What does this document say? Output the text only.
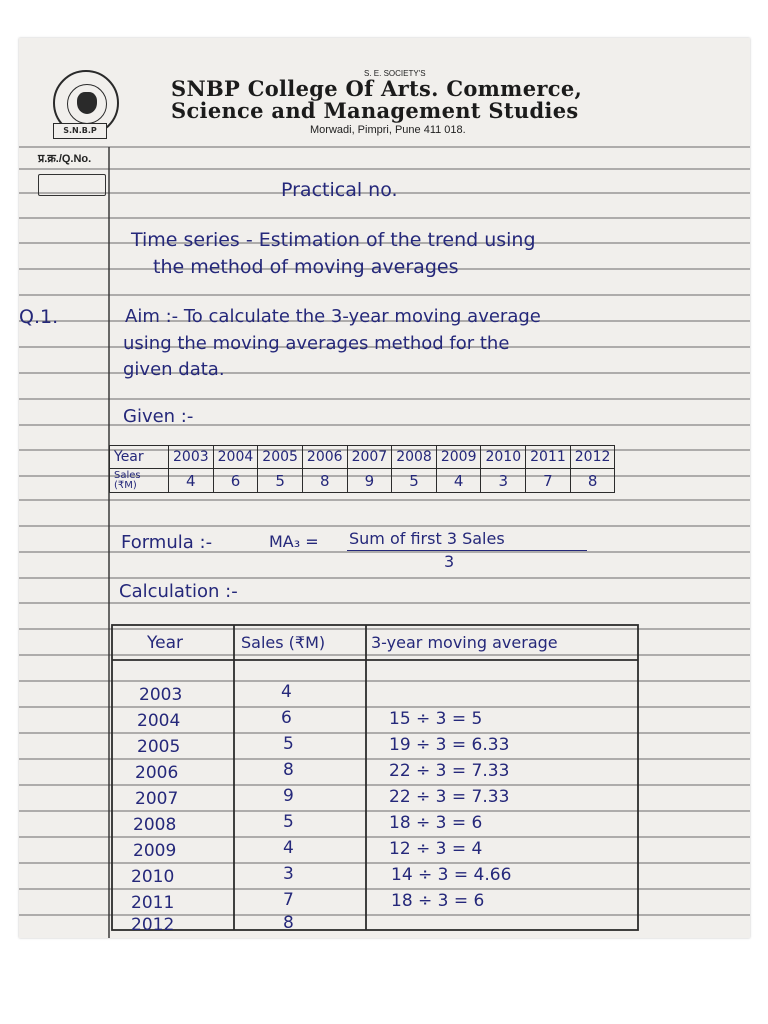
S.N.B.P
S. E. SOCIETY'S
SNBP College Of Arts. Commerce,
Science and Management Studies
Morwadi, Pimpri, Pune 411 018.
प्र.क्र./Q.No.
Practical no.
Time series - Estimation of the trend using
the method of moving averages
Q.1.	Aim :- To calculate the 3-year moving average
using the moving averages method for the
given data.
Given :-
Year	2003	2004	2005	2006	2007	2008	2009	2010	2011	2012
Sales (₹M)	4	6	5	8	9	5	4	3	7	8
Formula :-	MA₃ = Sum of first 3 Sales
3
Calculation :-
Year	Sales (₹M)	3-year moving average
2003	4
2004	6	15 ÷ 3 = 5
2005	5	19 ÷ 3 = 6.33
2006	8	22 ÷ 3 = 7.33
2007	9	22 ÷ 3 = 7.33
2008	5	18 ÷ 3 = 6
2009	4	12 ÷ 3 = 4
2010	3	14 ÷ 3 = 4.66
2011	7	18 ÷ 3 = 6
2012	8
